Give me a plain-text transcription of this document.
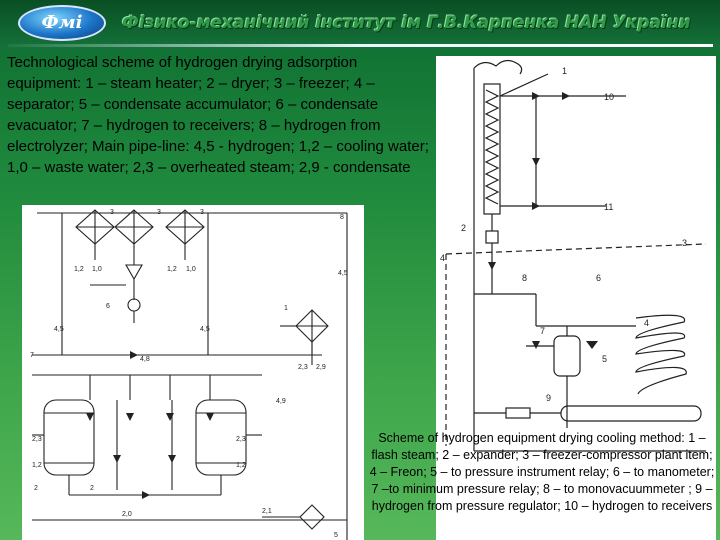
Фмі	Фізико-механічний інститут ім Г.В.Карпенка НАН України
1
10
11
2
3
4
4
8	6
7
5
9
3	3	3
8
1
6
7
2	2
5
1,2 1,0	1,2 1,0
4,5	4,5
4,5
4,8
4,9
2,3 2,9
2,3	2,3
1,2	1,2
2,0	2,1
Technological scheme of hydrogen drying adsorption equipment: 1 – steam heater; 2 – dryer; 3 – freezer; 4 – separator; 5 – condensate accumulator; 6 – condensate evacuator; 7 – hydrogen to receivers; 8 – hydrogen from electrolyzer; Main pipe-line: 4,5 - hydrogen; 1,2 – cooling water; 1,0 – waste water; 2,3 – overheated steam; 2,9 - condensate
Scheme of hydrogen equipment drying cooling method: 1 – flash steam; 2 – expander; 3 – freezer-compressor plant item; 4 – Freon; 5 – to pressure instrument relay; 6 – to manometer; 7 –to minimum pressure relay; 8 – to monovacuummeter ; 9 – hydrogen from pressure regulator; 10 – hydrogen to receivers
